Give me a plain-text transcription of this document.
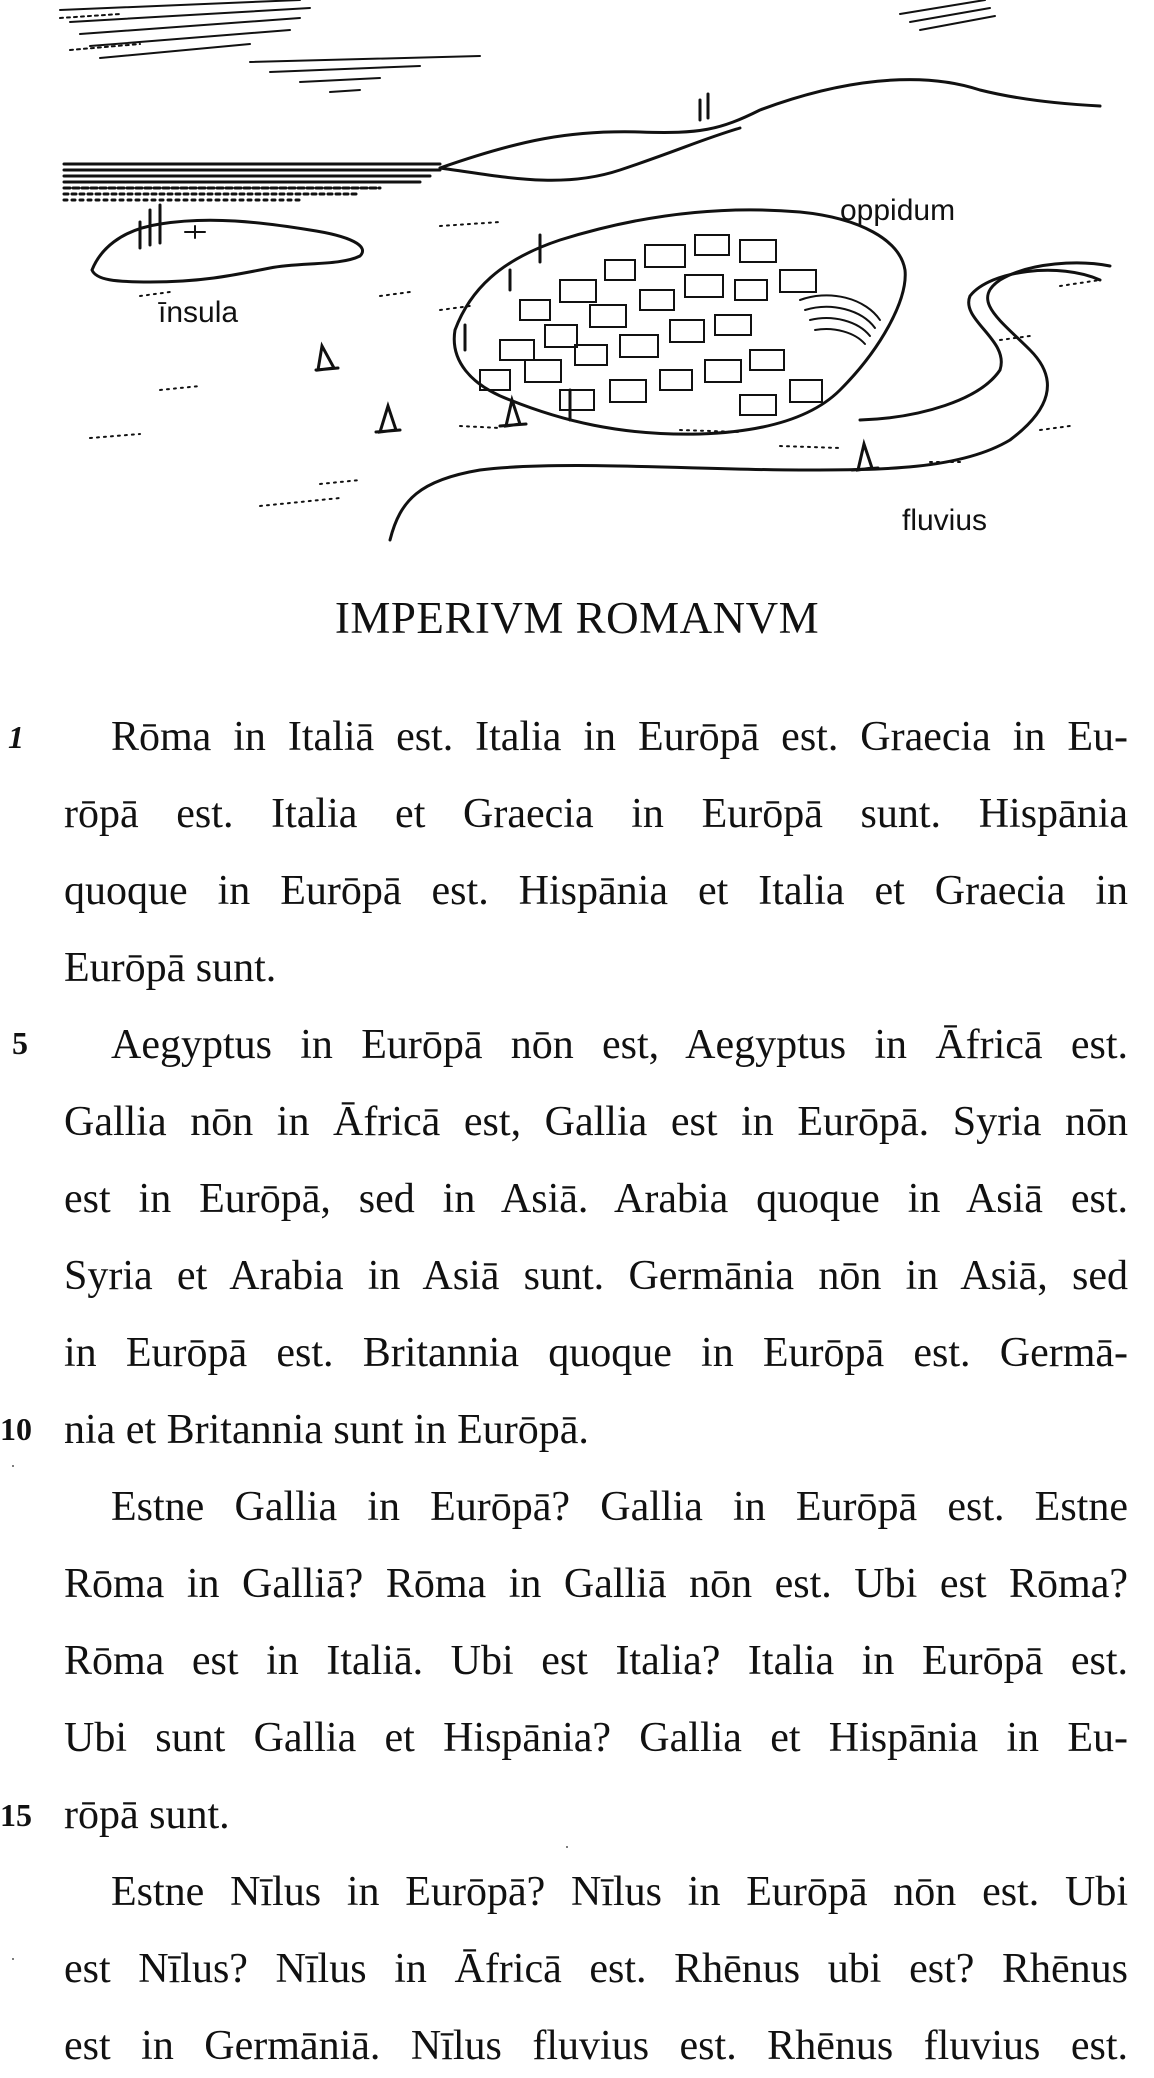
oppidum
īnsula
fluvius
IMPERIVM ROMANVM
1
5
10
15
Rōma in Italiā est. Italia in Eurōpā est. Graecia in Eu-
rōpā est. Italia et Graecia in Eurōpā sunt. Hispānia
quoque in Eurōpā est. Hispānia et Italia et Graecia in
Eurōpā sunt.
Aegyptus in Eurōpā nōn est, Aegyptus in Āfricā est.
Gallia nōn in Āfricā est, Gallia est in Eurōpā. Syria nōn
est in Eurōpā, sed in Asiā. Arabia quoque in Asiā est.
Syria et Arabia in Asiā sunt. Germānia nōn in Asiā, sed
in Eurōpā est. Britannia quoque in Eurōpā est. Germā-
nia et Britannia sunt in Eurōpā.
Estne Gallia in Eurōpā? Gallia in Eurōpā est. Estne
Rōma in Galliā? Rōma in Galliā nōn est. Ubi est Rōma?
Rōma est in Italiā. Ubi est Italia? Italia in Eurōpā est.
Ubi sunt Gallia et Hispānia? Gallia et Hispānia in Eu-
rōpā sunt.
Estne Nīlus in Eurōpā? Nīlus in Eurōpā nōn est. Ubi
est Nīlus? Nīlus in Āfricā est. Rhēnus ubi est? Rhēnus
est in Germāniā. Nīlus fluvius est. Rhēnus fluvius est.
